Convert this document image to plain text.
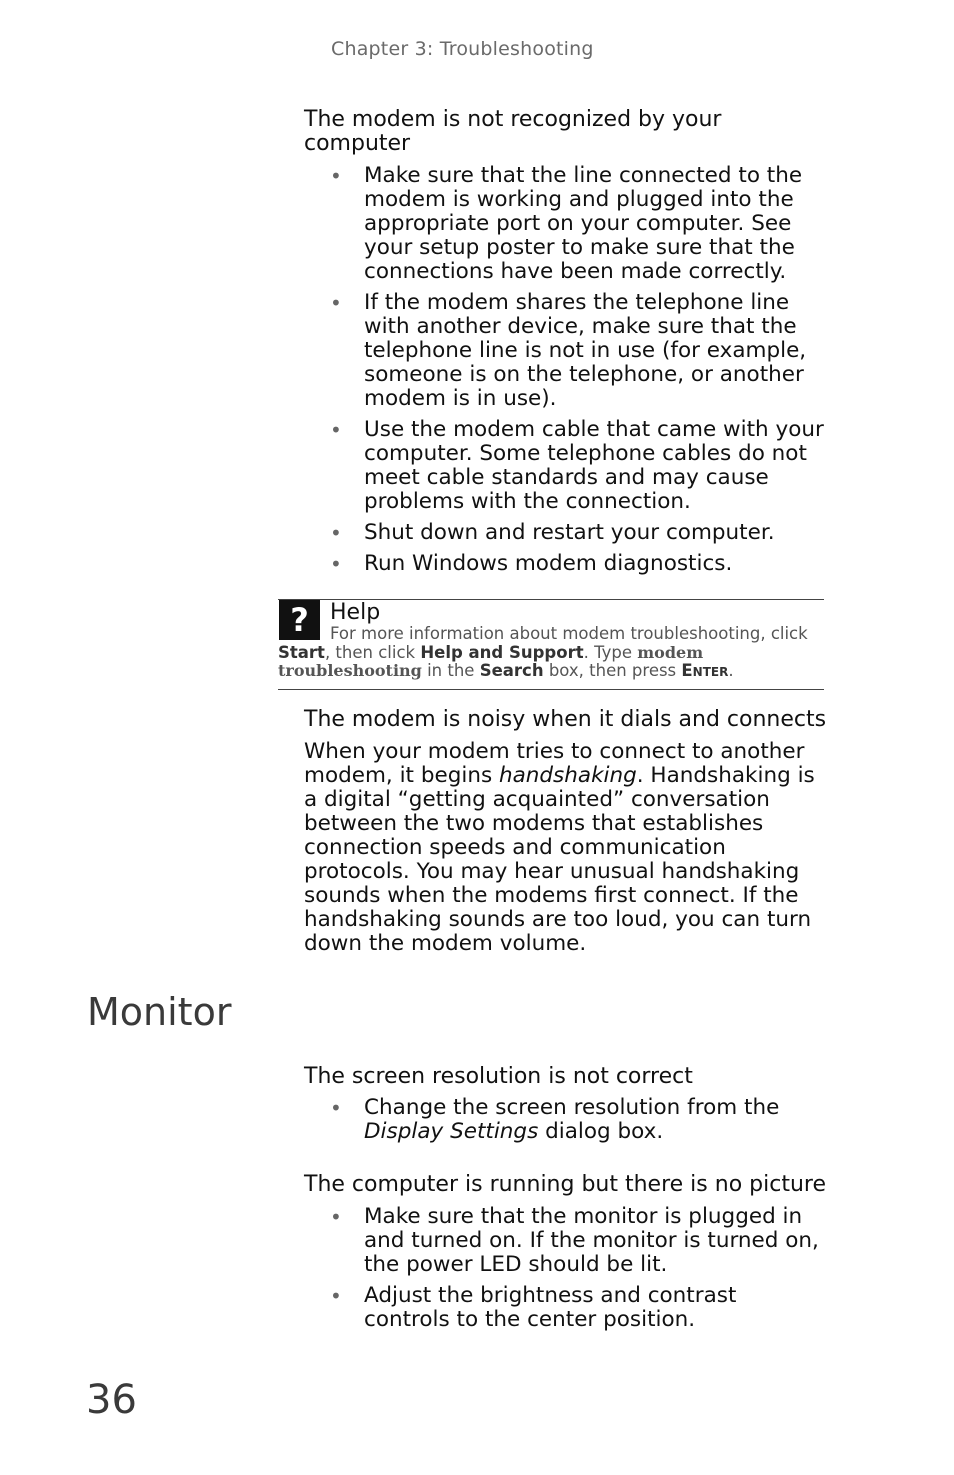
Chapter 3: Troubleshooting
The modem is not recognized by your computer
• Make sure that the line connected to the modem is working and plugged into the appropriate port on your computer. See your setup poster to make sure that the connections have been made correctly.
• If the modem shares the telephone line with another device, make sure that the telephone line is not in use (for example, someone is on the telephone, or another modem is in use).
• Use the modem cable that came with your computer. Some telephone cables do not meet cable standards and may cause problems with the connection.
• Shut down and restart your computer.
• Run Windows modem diagnostics.
? Help
For more information about modem troubleshooting, click Start, then click Help and Support. Type modem troubleshooting in the Search box, then press Enter.
The modem is noisy when it dials and connects
When your modem tries to connect to another modem, it begins handshaking. Handshaking is a digital “getting acquainted” conversation between the two modems that establishes connection speeds and communication protocols. You may hear unusual handshaking sounds when the modems first connect. If the handshaking sounds are too loud, you can turn down the modem volume.
Monitor
The screen resolution is not correct
• Change the screen resolution from the Display Settings dialog box.
The computer is running but there is no picture
• Make sure that the monitor is plugged in and turned on. If the monitor is turned on, the power LED should be lit.
• Adjust the brightness and contrast controls to the center position.
36
